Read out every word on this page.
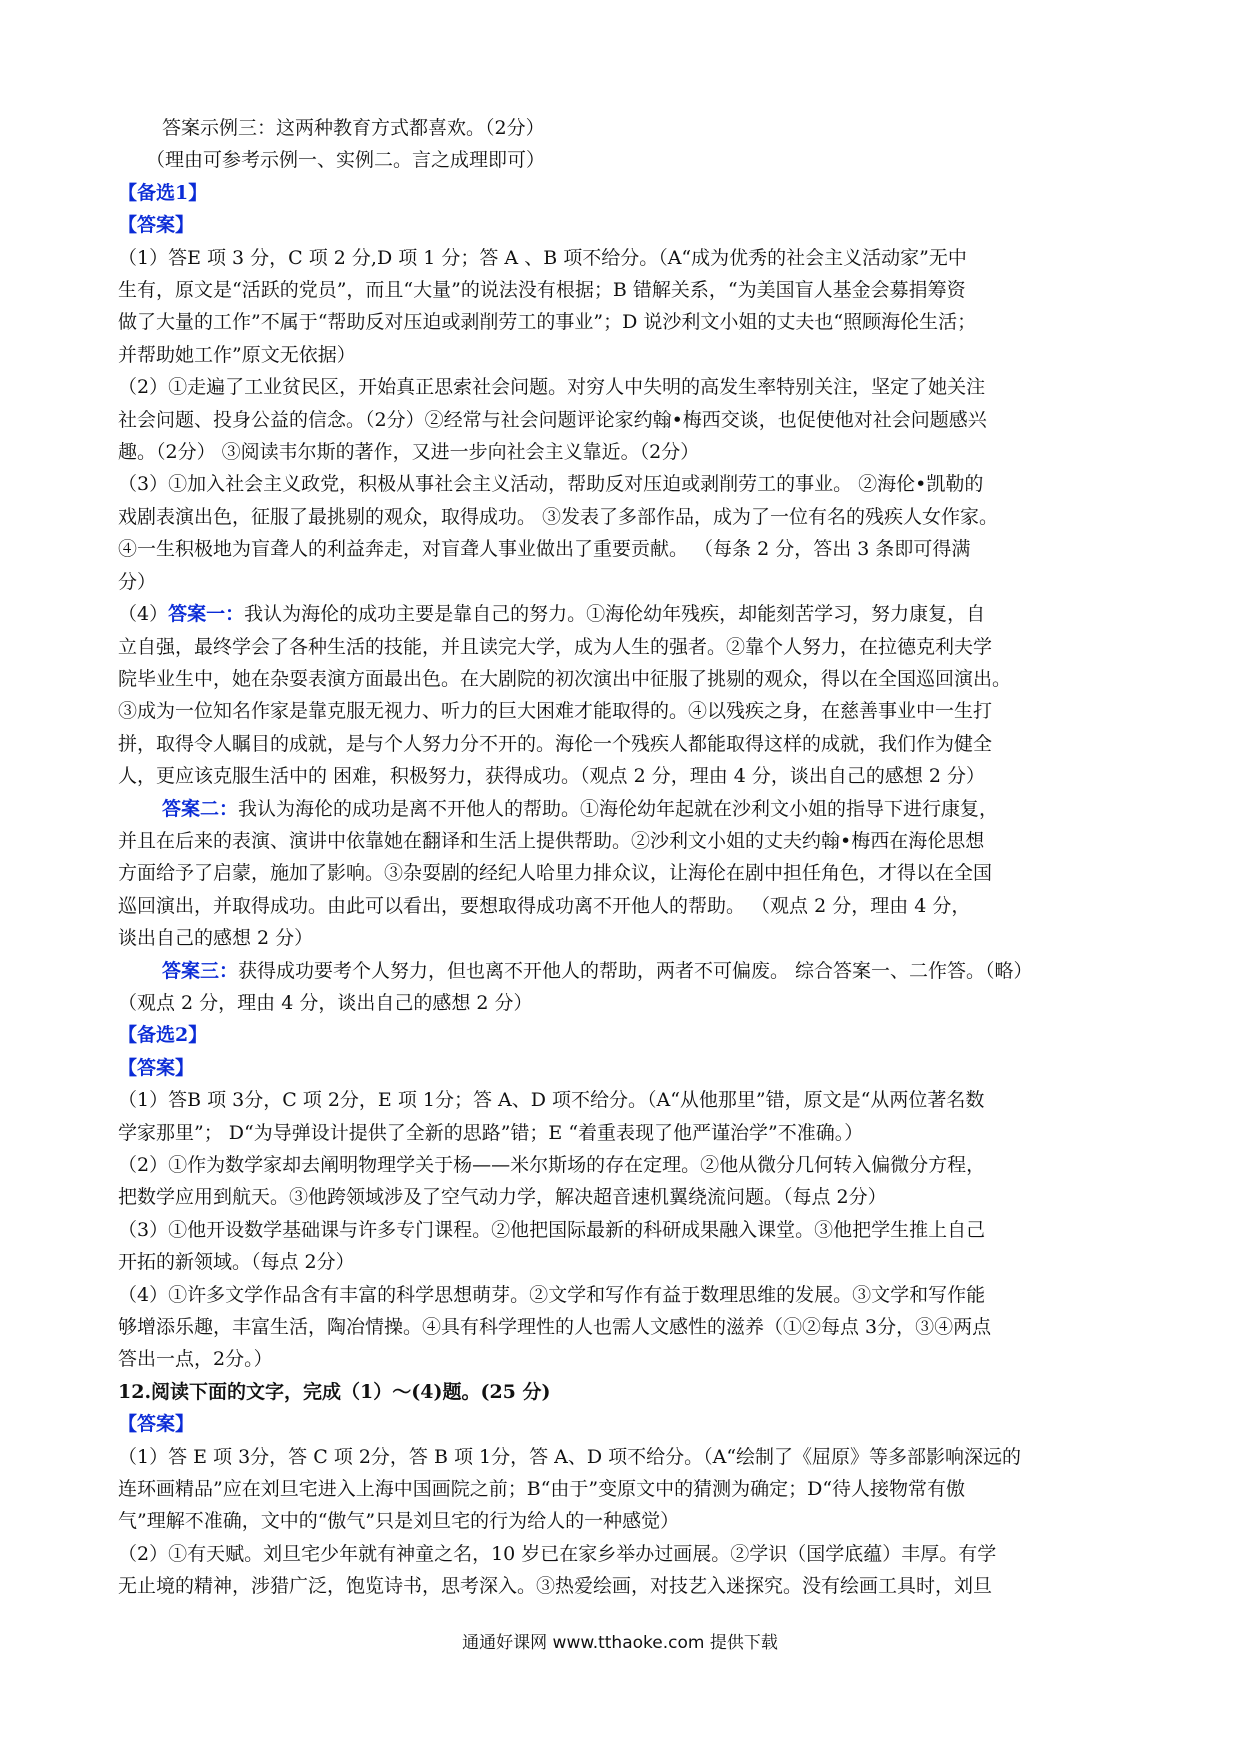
答案示例三：这两种教育方式都喜欢。（2分）
（理由可参考示例一、实例二。言之成理即可）
【备选1】
【答案】
（1）答E 项 3 分，C 项 2 分,D 项 1 分；答 A 、B 项不给分。（A“成为优秀的社会主义活动家”无中
生有，原文是“活跃的党员”，而且“大量”的说法没有根据；B 错解关系，“为美国盲人基金会募捐筹资
做了大量的工作”不属于“帮助反对压迫或剥削劳工的事业”；D 说沙利文小姐的丈夫也“照顾海伦生活；
并帮助她工作”原文无依据）
（2）①走遍了工业贫民区，开始真正思索社会问题。对穷人中失明的高发生率特别关注，坚定了她关注
社会问题、投身公益的信念。（2分）②经常与社会问题评论家约翰•梅西交谈，也促使他对社会问题感兴
趣。（2分） ③阅读韦尔斯的著作，又进一步向社会主义靠近。（2分）
（3）①加入社会主义政党，积极从事社会主义活动，帮助反对压迫或剥削劳工的事业。 ②海伦•凯勒的
戏剧表演出色，征服了最挑剔的观众，取得成功。 ③发表了多部作品，成为了一位有名的残疾人女作家。
④一生积极地为盲聋人的利益奔走，对盲聋人事业做出了重要贡献。 （每条 2 分，答出 3 条即可得满
分）
（4）答案一：我认为海伦的成功主要是靠自己的努力。①海伦幼年残疾，却能刻苦学习，努力康复，自
立自强，最终学会了各种生活的技能，并且读完大学，成为人生的强者。②靠个人努力，在拉德克利夫学
院毕业生中，她在杂耍表演方面最出色。在大剧院的初次演出中征服了挑剔的观众，得以在全国巡回演出。
③成为一位知名作家是靠克服无视力、听力的巨大困难才能取得的。④以残疾之身，在慈善事业中一生打
拼，取得令人瞩目的成就，是与个人努力分不开的。海伦一个残疾人都能取得这样的成就，我们作为健全
人，更应该克服生活中的 困难，积极努力，获得成功。（观点 2 分，理由 4 分，谈出自己的感想 2 分）
答案二：我认为海伦的成功是离不开他人的帮助。①海伦幼年起就在沙利文小姐的指导下进行康复，
并且在后来的表演、演讲中依靠她在翻译和生活上提供帮助。②沙利文小姐的丈夫约翰•梅西在海伦思想
方面给予了启蒙，施加了影响。③杂耍剧的经纪人哈里力排众议，让海伦在剧中担任角色，才得以在全国
巡回演出，并取得成功。由此可以看出，要想取得成功离不开他人的帮助。 （观点 2 分，理由 4 分，
谈出自己的感想 2 分）
答案三：获得成功要考个人努力，但也离不开他人的帮助，两者不可偏废。 综合答案一、二作答。（略）
（观点 2 分，理由 4 分，谈出自己的感想 2 分）
【备选2】
【答案】
（1）答B 项 3分，C 项 2分，E 项 1分；答 A、D 项不给分。（A“从他那里”错，原文是“从两位著名数
学家那里”； D“为导弹设计提供了全新的思路”错；E “着重表现了他严谨治学”不准确。）
（2）①作为数学家却去阐明物理学关于杨——米尔斯场的存在定理。②他从微分几何转入偏微分方程，
把数学应用到航天。③他跨领域涉及了空气动力学，解决超音速机翼绕流问题。（每点 2分）
（3）①他开设数学基础课与许多专门课程。②他把国际最新的科研成果融入课堂。③他把学生推上自己
开拓的新领域。（每点 2分）
（4）①许多文学作品含有丰富的科学思想萌芽。②文学和写作有益于数理思维的发展。③文学和写作能
够增添乐趣，丰富生活，陶冶情操。④具有科学理性的人也需人文感性的滋养（①②每点 3分，③④两点
答出一点，2分。）
12.阅读下面的文字，完成（1）～(4)题。(25 分)
【答案】
（1）答 E 项 3分，答 C 项 2分，答 B 项 1分，答 A、D 项不给分。（A“绘制了《屈原》等多部影响深远的
连环画精品”应在刘旦宅进入上海中国画院之前；B“由于”变原文中的猜测为确定；D“待人接物常有傲
气”理解不准确，文中的“傲气”只是刘旦宅的行为给人的一种感觉）
（2）①有天赋。刘旦宅少年就有神童之名，10 岁已在家乡举办过画展。②学识（国学底蕴）丰厚。有学
无止境的精神，涉猎广泛，饱览诗书，思考深入。③热爱绘画，对技艺入迷探究。没有绘画工具时，刘旦
通通好课网 www.tthaoke.com 提供下载
